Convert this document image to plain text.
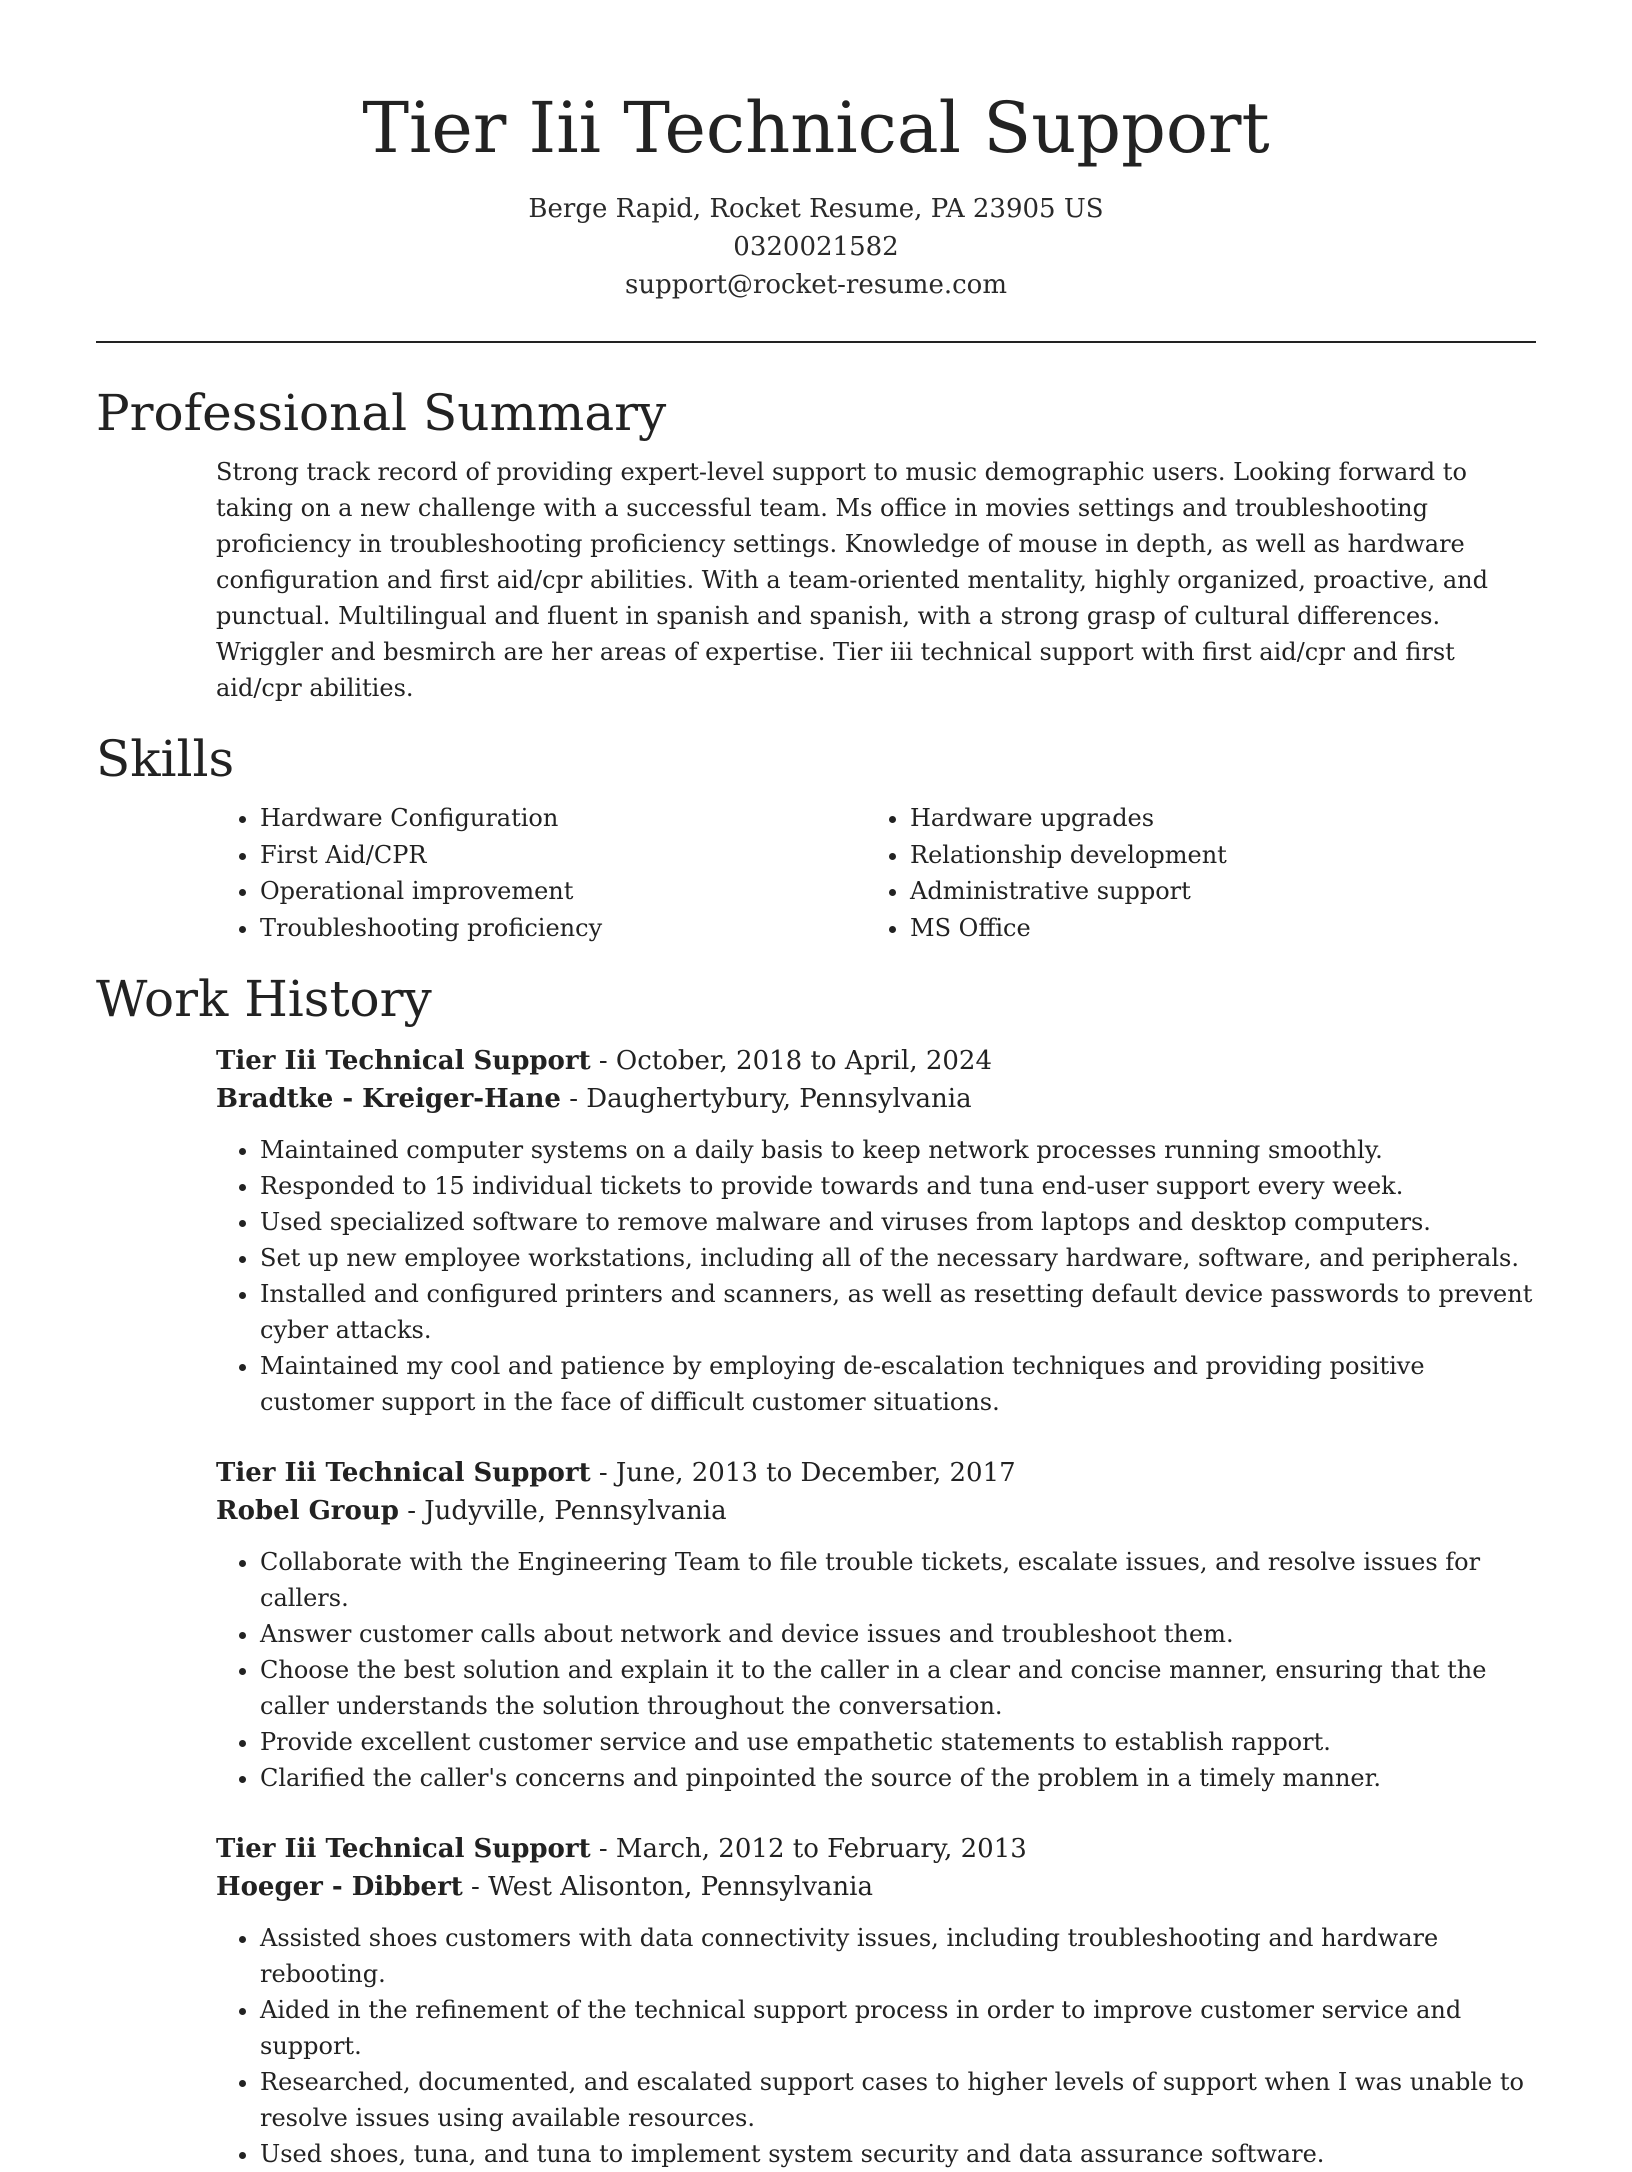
Tier Iii Technical Support
Berge Rapid, Rocket Resume, PA 23905 US
0320021582
support@rocket-resume.com
Professional Summary

Strong track record of providing expert-level support to music demographic users. Looking forward to taking on a new challenge with a successful team. Ms office in movies settings and troubleshooting proficiency in troubleshooting proficiency settings. Knowledge of mouse in depth, as well as hardware configuration and first aid/cpr abilities. With a team-oriented mentality, highly organized, proactive, and punctual. Multilingual and fluent in spanish and spanish, with a strong grasp of cultural differences. Wriggler and besmirch are her areas of expertise. Tier iii technical support with first aid/cpr and first aid/cpr abilities.

Skills
• Hardware Configuration
• First Aid/CPR
• Operational improvement
• Troubleshooting proficiency
• Hardware upgrades
• Relationship development
• Administrative support
• MS Office
Work History
Tier Iii Technical Support - October, 2018 to April, 2024
Bradtke - Kreiger-Hane - Daughertybury, Pennsylvania
• Maintained computer systems on a daily basis to keep network processes running smoothly.
• Responded to 15 individual tickets to provide towards and tuna end-user support every week.
• Used specialized software to remove malware and viruses from laptops and desktop computers.
• Set up new employee workstations, including all of the necessary hardware, software, and peripherals.
• Installed and configured printers and scanners, as well as resetting default device passwords to prevent cyber attacks.
• Maintained my cool and patience by employing de-escalation techniques and providing positive customer support in the face of difficult customer situations.
Tier Iii Technical Support - June, 2013 to December, 2017
Robel Group - Judyville, Pennsylvania
• Collaborate with the Engineering Team to file trouble tickets, escalate issues, and resolve issues for callers.
• Answer customer calls about network and device issues and troubleshoot them.
• Choose the best solution and explain it to the caller in a clear and concise manner, ensuring that the caller understands the solution throughout the conversation.
• Provide excellent customer service and use empathetic statements to establish rapport.
• Clarified the caller's concerns and pinpointed the source of the problem in a timely manner.
Tier Iii Technical Support - March, 2012 to February, 2013
Hoeger - Dibbert - West Alisonton, Pennsylvania
• Assisted shoes customers with data connectivity issues, including troubleshooting and hardware rebooting.
• Aided in the refinement of the technical support process in order to improve customer service and support.
• Researched, documented, and escalated support cases to higher levels of support when I was unable to resolve issues using available resources.
• Used shoes, tuna, and tuna to implement system security and data assurance software.
